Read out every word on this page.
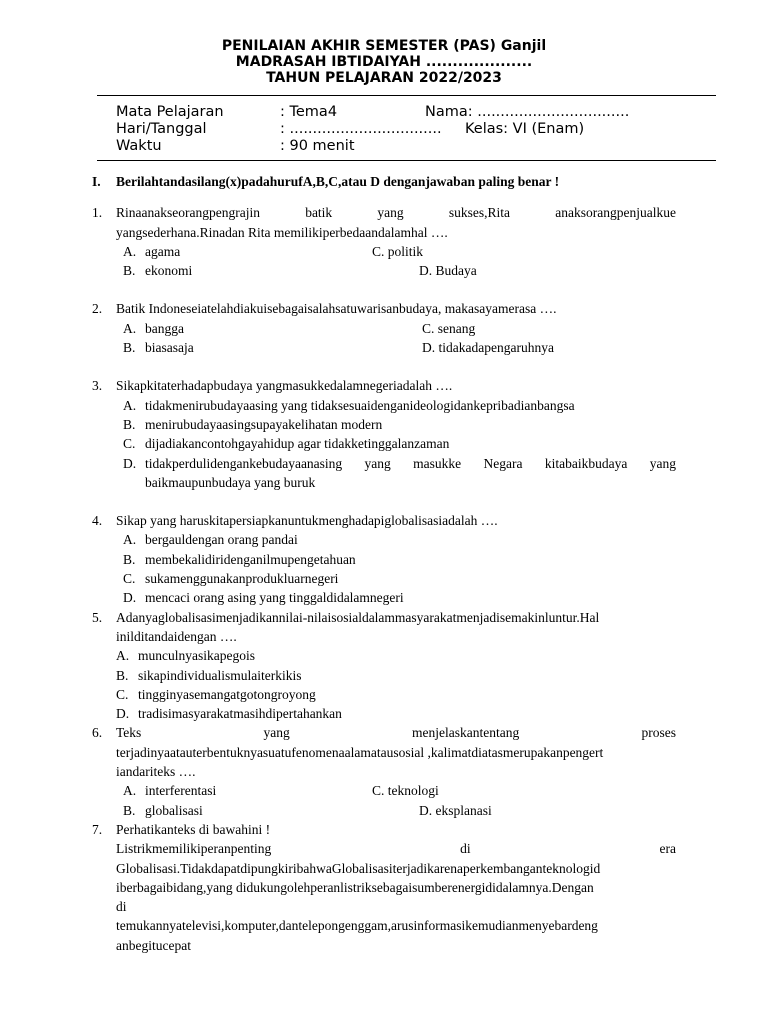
PENILAIAN AKHIR SEMESTER (PAS) Ganjil
MADRASAH IBTIDAIYAH ....................
TAHUN PELAJARAN 2022/2023
Mata Pelajaran	: Tema4	Nama: .................................
Hari/Tanggal	: ................................. Kelas: VI (Enam)
Waktu	: 90 menit
I.	Berilahtandasilang(x)padahurufA,B,C,atau D denganjawaban paling benar !
1.	Rinaanakseorangpengrajin batik yang sukses,Rita anaksorangpenjualkue
yangsederhana.Rinadan Rita memilikiperbedaandalamhal ….
A. agama	C. politik
B. ekonomi	D. Budaya
2.	Batik Indoneseiatelahdiakuisebagaisalahsatuwarisanbudaya, makasayamerasa ….
A. bangga	C. senang
B. biasasaja	D. tidakadapengaruhnya
3.	Sikapkitaterhadapbudaya yangmasukkedalamnegeriadalah ….
A. tidakmenirubudayaasing yang tidaksesuaidenganideologidankepribadianbangsa
B. menirubudayaasingsupayakelihatan modern
C. dijadiakancontohgayahidup agar tidakketinggalanzaman
D. tidakperdulidengankebudayaanasing yang masukke Negara kitabaikbudaya yang
baikmaupunbudaya yang buruk
4.	Sikap yang haruskitapersiapkanuntukmenghadapiglobalisasiadalah ….
A. bergauldengan orang pandai
B. membekalidiridenganilmupengetahuan
C. sukamenggunakanprodukluarnegeri
D. mencaci orang asing yang tinggaldidalamnegeri
5.	Adanyaglobalisasimenjadikannilai-nilaisosialdalammasyarakatmenjadisemakinluntur.Hal
inilditandaidengan ….
A. munculnyasikapegois
B. sikapindividualismulaiterkikis
C. tingginyasemangatgotongroyong
D. tradisimasyarakatmasihdipertahankan
6.	Teks yang menjelaskantentang proses
terjadinyaatauterbentuknyasuatufenomenaalamatausosial ,kalimatdiatasmerupakanpengert
iandariteks ….
A. interferentasi	C. teknologi
B. globalisasi	D. eksplanasi
7.	Perhatikanteks di bawahini !
Listrikmemilikiperanpenting di era
Globalisasi.TidakdapatdipungkiribahwaGlobalisasiterjadikarenaperkembanganteknologid
iberbagaibidang,yang didukungolehperanlistriksebagaisumberenergididalamnya.Dengan
di
temukannyatelevisi,komputer,dantelepongenggam,arusinformasikemudianmenyebardeng
anbegitucepat
